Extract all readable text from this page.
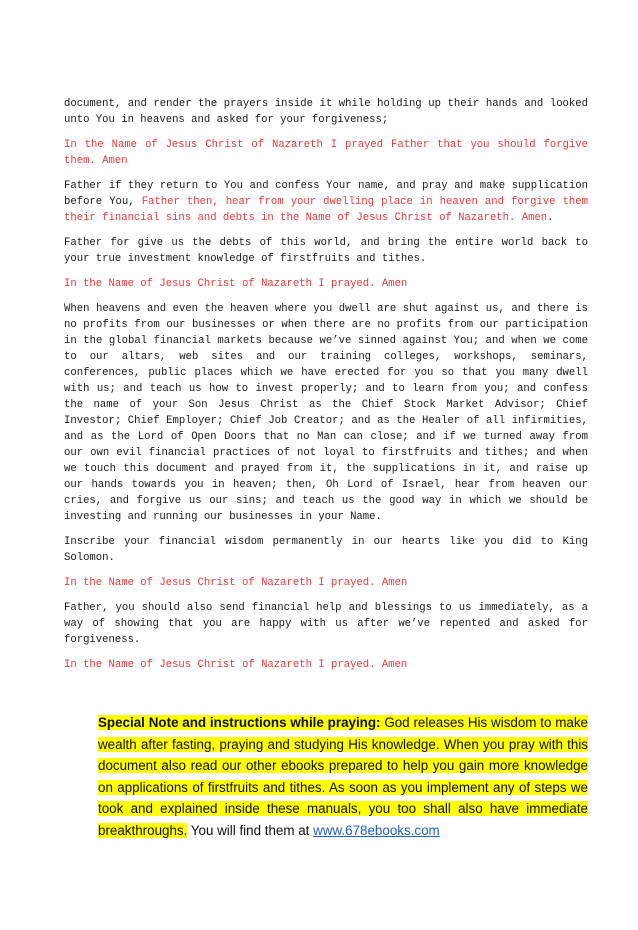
document, and render the prayers inside it while holding up their hands and looked unto You in heavens and asked for your forgiveness;

In the Name of Jesus Christ of Nazareth I prayed Father that you should forgive them. Amen

Father if they return to You and confess Your name, and pray and make supplication before You, Father then, hear from your dwelling place in heaven and forgive them their financial sins and debts in the Name of Jesus Christ of Nazareth. Amen.

Father for give us the debts of this world, and bring the entire world back to your true investment knowledge of firstfruits and tithes.

In the Name of Jesus Christ of Nazareth I prayed. Amen

When heavens and even the heaven where you dwell are shut against us, and there is no profits from our businesses or when there are no profits from our participation in the global financial markets because we’ve sinned against You; and when we come to our altars, web sites and our training colleges, workshops, seminars, conferences, public places which we have erected for you so that you many dwell with us; and teach us how to invest properly; and to learn from you; and confess the name of your Son Jesus Christ as the Chief Stock Market Advisor; Chief Investor; Chief Employer; Chief Job Creator; and as the Healer of all infirmities, and as the Lord of Open Doors that no Man can close; and if we turned away from our own evil financial practices of not loyal to firstfruits and tithes; and when we touch this document and prayed from it, the supplications in it, and raise up our hands towards you in heaven; then, Oh Lord of Israel, hear from heaven our cries, and forgive us our sins; and teach us the good way in which we should be investing and running our businesses in your Name.

Inscribe your financial wisdom permanently in our hearts like you did to King Solomon.

In the Name of Jesus Christ of Nazareth I prayed. Amen

Father, you should also send financial help and blessings to us immediately, as a way of showing that you are happy with us after we’ve repented and asked for forgiveness.

In the Name of Jesus Christ of Nazareth I prayed. Amen

Special Note and instructions while praying: God releases His wisdom to make wealth after fasting, praying and studying His knowledge. When you pray with this document also read our other ebooks prepared to help you gain more knowledge on applications of firstfruits and tithes. As soon as you implement any of steps we took and explained inside these manuals, you too shall also have immediate breakthroughs. You will find them at www.678ebooks.com
